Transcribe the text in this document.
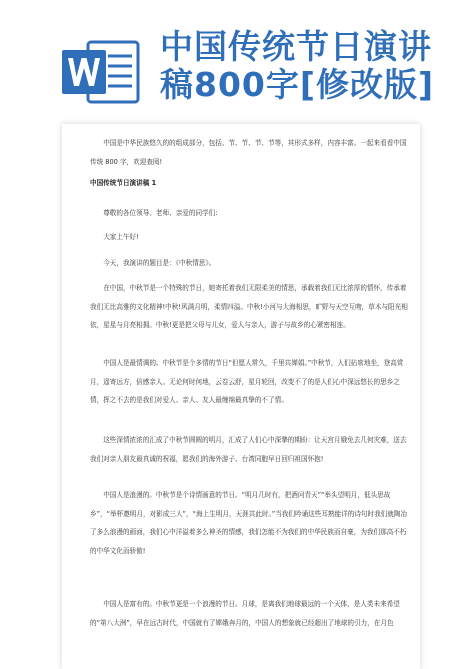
中国传统节日演讲
稿800字[修改版]
中国是中华民族悠久的的组成部分，包括、节、节、节、节等，其形式多样，内容丰富。一起来看看中国传统 800 字，欢迎查阅!
中国传统节日演讲稿 1
尊敬的各位领导、老师、亲爱的同学们:
大家上午好!
今天，我演讲的题目是：《中秋情思》。
在中国，中秋节是一个特殊的节日，她寄托着我们无限柔美的情思，承载着我们无比浓厚的情怀，传承着我们无比高雅的文化精神!中秋!风满月明，柔情四溢。中秋!小河与大海相思，旷野与天空互吻，草木与阳光相依，星星与月亮相拥。中秋!更是把父母与儿女，爱人与亲人，游子与故乡的心紧密相连。
中国人是最情调的。中秋节是个多情的节日“但愿人常久，千里共婵娟。”中秋节，人们拈席地坐，登高赏月，遥寄远方，倍感亲人。无论何时何地，云卷云舒，星月轮回，改变不了的是人们心中深远悠长的思乡之情，挥之不去的是我们对爱人、亲人、友人最缠绵最真挚的不了情。
这些深情浓浓的汇成了中秋节圆圆的明月，汇成了人们心中深摯的期盼：让天宫月娥免去几何灾难，送去我们对亲人朋友最真诚的祝福，愿我们的海外游子、台湾同胞早日回归祖国怀抱!
中国人是浪漫的。中秋节是个诗情画意的节日。“明月几时有，把酒问青天”“举头望明月，低头思故乡”，“举杯邀明月，对影成三人”，“海上生明月，天涯共此时。”当我们吟诵这些耳熟能详的诗句时我们就陶冶了多么浪漫的画面，我们心中洋溢着多么神圣的情感，我们怎能不为我们的中华民族而自豪，为我们那高不朽的中华文化而骄傲!
中国人是富有的。中秋节更是一个浪漫的节日。月球，是离我们地球最远的一个天体，是人类未来希望的“第八大洲”，早在远古时代，中国就有了嫦娥奔月的，中国人的想象就已经超出了地球的引力，在月色
